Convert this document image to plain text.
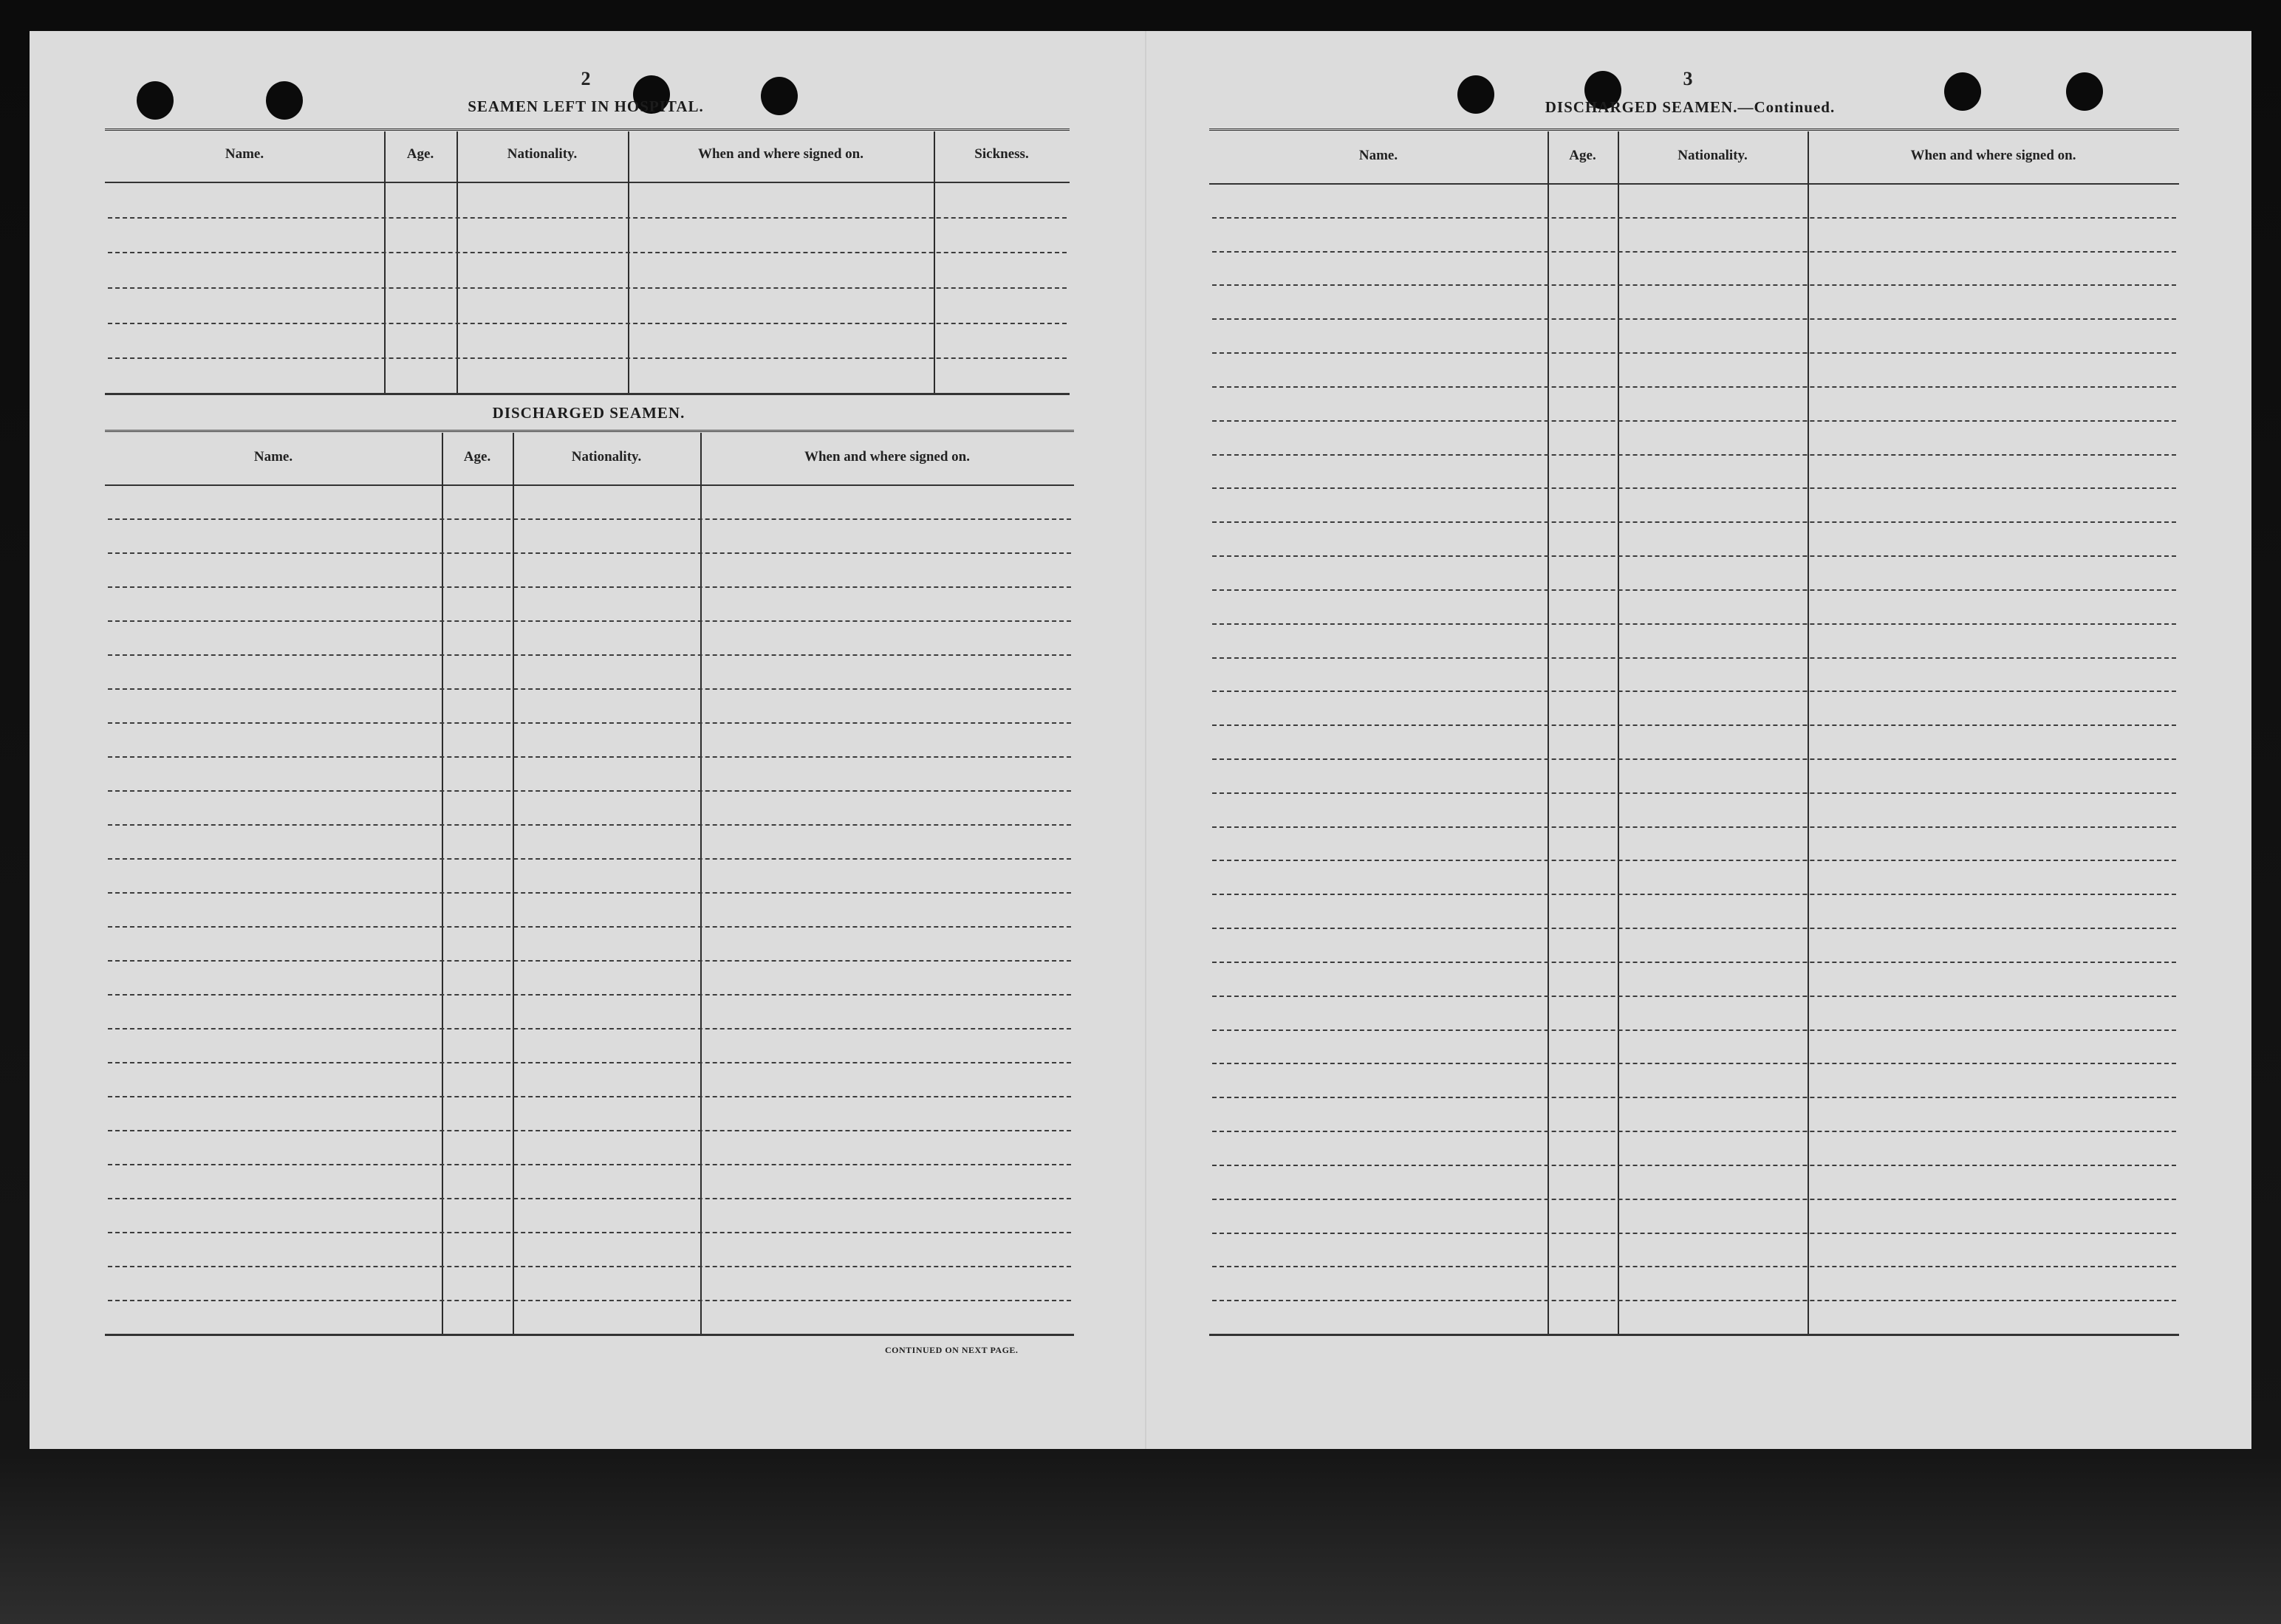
2
SEAMEN LEFT IN HOSPITAL.
DISCHARGED SEAMEN.
CONTINUED ON NEXT PAGE.
3
DISCHARGED SEAMEN.—Continued.
Name.	Age.	Nationality.	When and where signed on.	Sickness.
Name.	Age.	Nationality.	When and where signed on.
Name.	Age.	Nationality.	When and where signed on.
